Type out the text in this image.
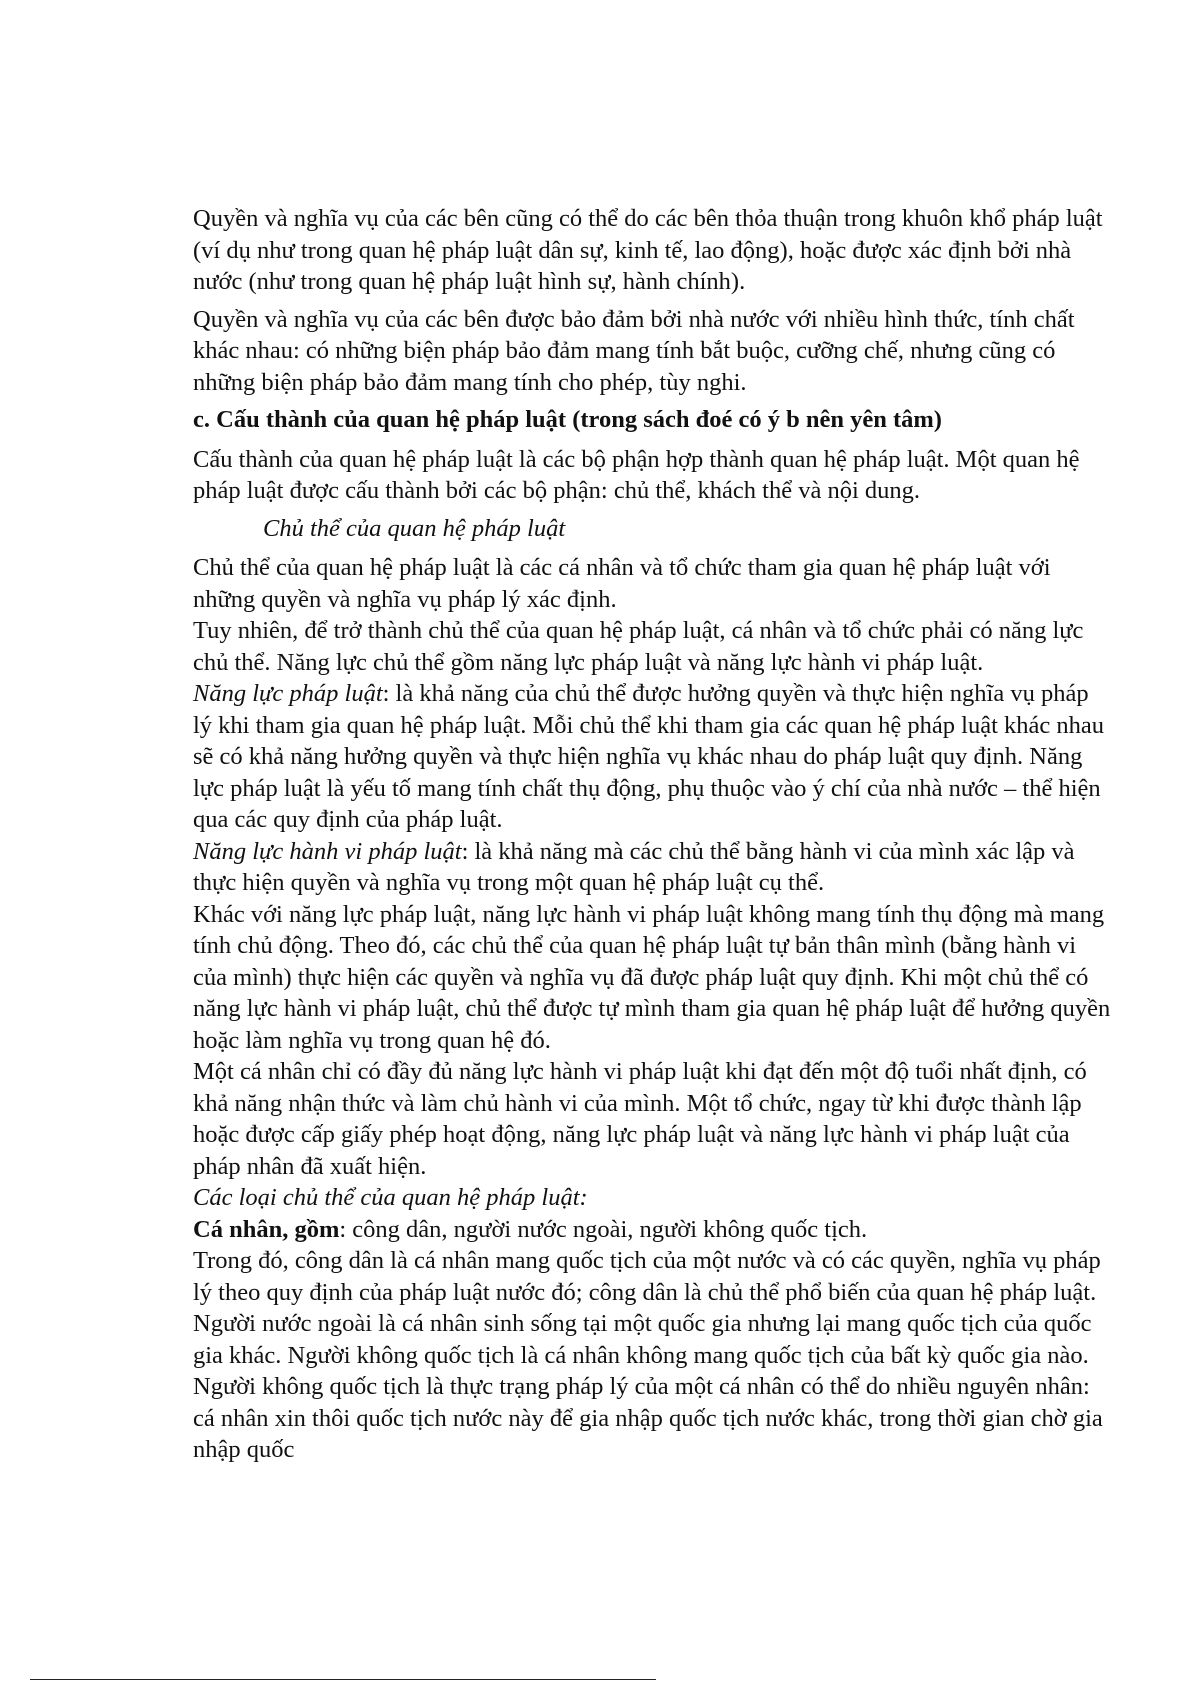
Quyền và nghĩa vụ của các bên cũng có thể do các bên thỏa thuận trong khuôn khổ pháp luật (ví dụ như trong quan hệ pháp luật dân sự, kinh tế, lao động), hoặc được xác định bởi nhà nước (như trong quan hệ pháp luật hình sự, hành chính).

Quyền và nghĩa vụ của các bên được bảo đảm bởi nhà nước với nhiều hình thức, tính chất khác nhau: có những biện pháp bảo đảm mang tính bắt buộc, cưỡng chế, nhưng cũng có những biện pháp bảo đảm mang tính cho phép, tùy nghi.

c. Cấu thành của quan hệ pháp luật (trong sách đoé có ý b nên yên tâm)

Cấu thành của quan hệ pháp luật là các bộ phận hợp thành quan hệ pháp luật. Một quan hệ pháp luật được cấu thành bởi các bộ phận: chủ thể, khách thể và nội dung.

Chủ thể của quan hệ pháp luật

Chủ thể của quan hệ pháp luật là các cá nhân và tổ chức tham gia quan hệ pháp luật với những quyền và nghĩa vụ pháp lý xác định.

Tuy nhiên, để trở thành chủ thể của quan hệ pháp luật, cá nhân và tổ chức phải có năng lực chủ thể. Năng lực chủ thể gồm năng lực pháp luật và năng lực hành vi pháp luật.

Năng lực pháp luật: là khả năng của chủ thể được hưởng quyền và thực hiện nghĩa vụ pháp lý khi tham gia quan hệ pháp luật. Mỗi chủ thể khi tham gia các quan hệ pháp luật khác nhau sẽ có khả năng hưởng quyền và thực hiện nghĩa vụ khác nhau do pháp luật quy định. Năng lực pháp luật là yếu tố mang tính chất thụ động, phụ thuộc vào ý chí của nhà nước – thể hiện qua các quy định của pháp luật.

Năng lực hành vi pháp luật: là khả năng mà các chủ thể bằng hành vi của mình xác lập và thực hiện quyền và nghĩa vụ trong một quan hệ pháp luật cụ thể.

Khác với năng lực pháp luật, năng lực hành vi pháp luật không mang tính thụ động mà mang tính chủ động. Theo đó, các chủ thể của quan hệ pháp luật tự bản thân mình (bằng hành vi của mình) thực hiện các quyền và nghĩa vụ đã được pháp luật quy định. Khi một chủ thể có năng lực hành vi pháp luật, chủ thể được tự mình tham gia quan hệ pháp luật để hưởng quyền hoặc làm nghĩa vụ trong quan hệ đó.

Một cá nhân chỉ có đầy đủ năng lực hành vi pháp luật khi đạt đến một độ tuổi nhất định, có khả năng nhận thức và làm chủ hành vi của mình. Một tổ chức, ngay từ khi được thành lập hoặc được cấp giấy phép hoạt động, năng lực pháp luật và năng lực hành vi pháp luật của pháp nhân đã xuất hiện.

Các loại chủ thể của quan hệ pháp luật:

Cá nhân, gồm: công dân, người nước ngoài, người không quốc tịch.

Trong đó, công dân là cá nhân mang quốc tịch của một nước và có các quyền, nghĩa vụ pháp lý theo quy định của pháp luật nước đó; công dân là chủ thể phổ biến của quan hệ pháp luật. Người nước ngoài là cá nhân sinh sống tại một quốc gia nhưng lại mang quốc tịch của quốc gia khác. Người không quốc tịch là cá nhân không mang quốc tịch của bất kỳ quốc gia nào. Người không quốc tịch là thực trạng pháp lý của một cá nhân có thể do nhiều nguyên nhân: cá nhân xin thôi quốc tịch nước này để gia nhập quốc tịch nước khác, trong thời gian chờ gia nhập quốc
